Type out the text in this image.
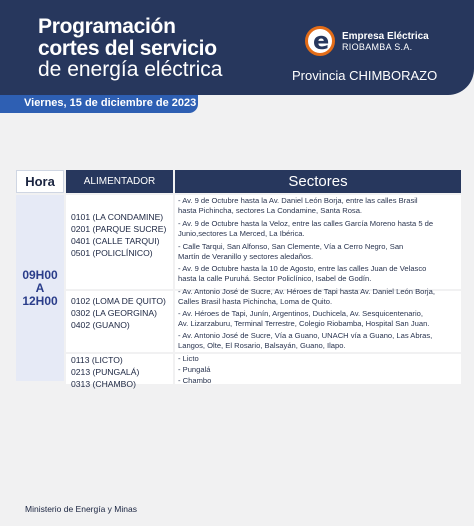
Programación
cortes del servicio
de energía eléctrica
e Empresa Eléctrica
RIOBAMBA S.A.
Provincia CHIMBORAZO
Viernes, 15 de diciembre de 2023
Hora	ALIMENTADOR	Sectores
09H00
A
12H00
0101 (LA CONDAMINE)
0201 (PARQUE SUCRE)
0401 (CALLE TARQUI)
0501 (POLICLÍNICO)
- Av. 9 de Octubre hasta la Av. Daniel León Borja, entre las calles Brasil
hasta Pichincha, sectores La Condamine, Santa Rosa.
- Av. 9 de Octubre hasta la Veloz, entre las calles García Moreno hasta 5 de
Junio,sectores La Merced, La Ibérica.
- Calle Tarqui, San Alfonso, San Clemente, Vía a Cerro Negro, San
Martín de Veranillo y sectores aledaños.
- Av. 9 de Octubre hasta la 10 de Agosto, entre las calles Juan de Velasco
hasta la calle Puruhá. Sector Policlínico, Isabel de Godín.
0102 (LOMA DE QUITO)
0302 (LA GEORGINA)
0402 (GUANO)
- Av. Antonio José de Sucre, Av. Héroes de Tapi hasta Av. Daniel León Borja,
Calles Brasil hasta Pichincha, Loma de Quito.
- Av. Héroes de Tapi, Junín, Argentinos, Duchicela, Av. Sesquicentenario,
Av. Lizarzaburu, Terminal Terrestre, Colegio Riobamba, Hospital San Juan.
- Av. Antonio José de Sucre, Vía a Guano, UNACH vía a Guano, Las Abras,
Langos, Olte, El Rosario, Balsayán, Guano, Ilapo.
0113 (LICTO)
0213 (PUNGALÁ)
0313 (CHAMBO)
- Licto
- Pungalá
- Chambo
Ministerio de Energía y Minas
